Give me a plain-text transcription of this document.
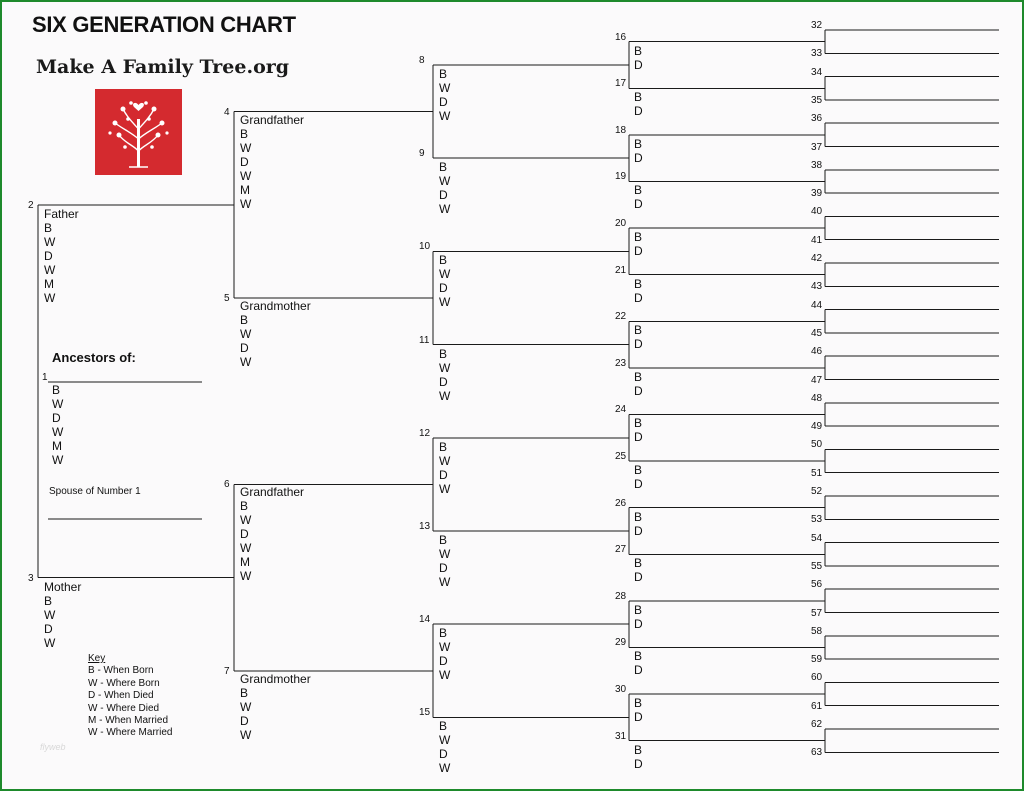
SIX GENERATION CHART
Make A Family Tree.org
Ancestors of:
Spouse of Number 1
Key
B - When Born
W - Where Born
D - When Died
W - Where Died
M - When Married
W - Where Married
flyweb
32
33
34
35
36
37
38
39
40
41
42
43
44
45
46
47
48
49
50
51
52
53
54
55
56
57
58
59
60
61
62
63
16
B
D
17
B
D
18
B
D
19
B
D
20
B
D
21
B
D
22
B
D
23
B
D
24
B
D
25
B
D
26
B
D
27
B
D
28
B
D
29
B
D
30
B
D
31
B
D
8
B
W
D
W
9
B
W
D
W
10
B
W
D
W
11
B
W
D
W
12
B
W
D
W
13
B
W
D
W
14
B
W
D
W
15
B
W
D
W
4
Grandfather
B
W
D
W
M
W
5
Grandmother
B
W
D
W
6
Grandfather
B
W
D
W
M
W
7
Grandmother
B
W
D
W
2
Father
B
W
D
W
M
W
3
Mother
B
W
D
W
1
B
W
D
W
M
W
